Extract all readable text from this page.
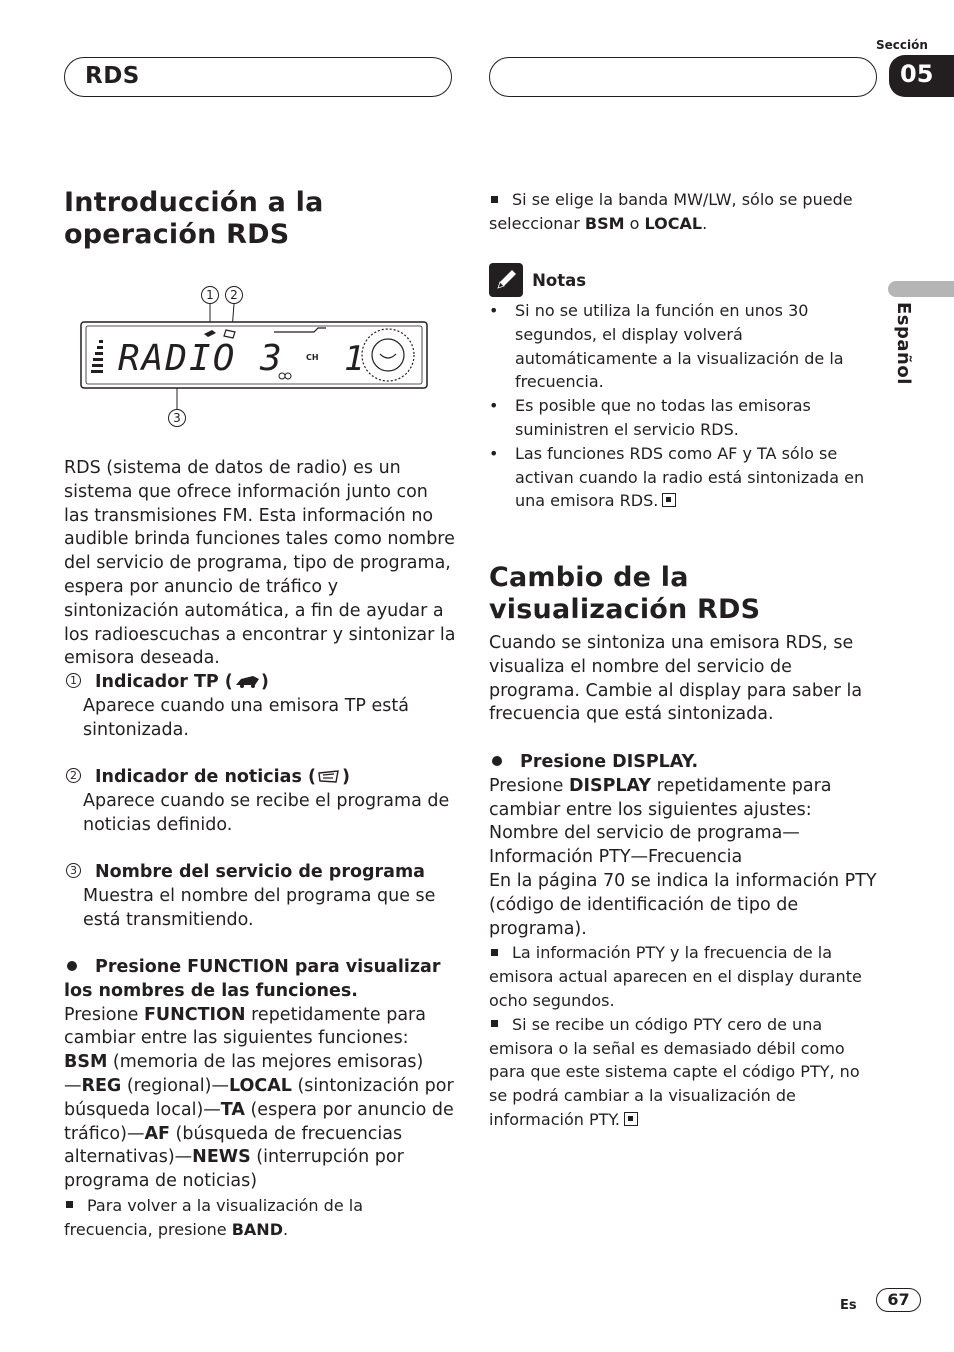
RDS
Sección
05
Español
Introducción a la operación RDS
1 2
3
RADIO 3	CH 1
RDS (sistema de datos de radio) es un sistema que ofrece información junto con las transmisiones FM. Esta información no audible brinda funciones tales como nombre del servicio de programa, tipo de programa, espera por anuncio de tráfico y sintonización automática, a fin de ayudar a los radioescuchas a encontrar y sintonizar la emisora deseada.
1 Indicador TP ( )
Aparece cuando una emisora TP está sintonizada.
2 Indicador de noticias ( )
Aparece cuando se recibe el programa de noticias definido.
3 Nombre del servicio de programa
Muestra el nombre del programa que se está transmitiendo.
Presione FUNCTION para visualizar los nombres de las funciones.
Presione FUNCTION repetidamente para cambiar entre las siguientes funciones:
BSM (memoria de las mejores emisoras)
—REG (regional)—LOCAL (sintonización por búsqueda local)—TA (espera por anuncio de tráfico)—AF (búsqueda de frecuencias alternativas)—NEWS (interrupción por programa de noticias)
Para volver a la visualización de la frecuencia, presione BAND.
Si se elige la banda MW/LW, sólo se puede seleccionar BSM o LOCAL.
Notas
• Si no se utiliza la función en unos 30 segundos, el display volverá automáticamente a la visualización de la frecuencia.
• Es posible que no todas las emisoras suministren el servicio RDS.
• Las funciones RDS como AF y TA sólo se activan cuando la radio está sintonizada en una emisora RDS.
Cambio de la visualización RDS
Cuando se sintoniza una emisora RDS, se visualiza el nombre del servicio de programa. Cambie al display para saber la frecuencia que está sintonizada.
Presione DISPLAY.
Presione DISPLAY repetidamente para cambiar entre los siguientes ajustes:
Nombre del servicio de programa—Información PTY—Frecuencia
En la página 70 se indica la información PTY (código de identificación de tipo de programa).
La información PTY y la frecuencia de la emisora actual aparecen en el display durante ocho segundos.
Si se recibe un código PTY cero de una emisora o la señal es demasiado débil como para que este sistema capte el código PTY, no se podrá cambiar a la visualización de información PTY.
Es	67
